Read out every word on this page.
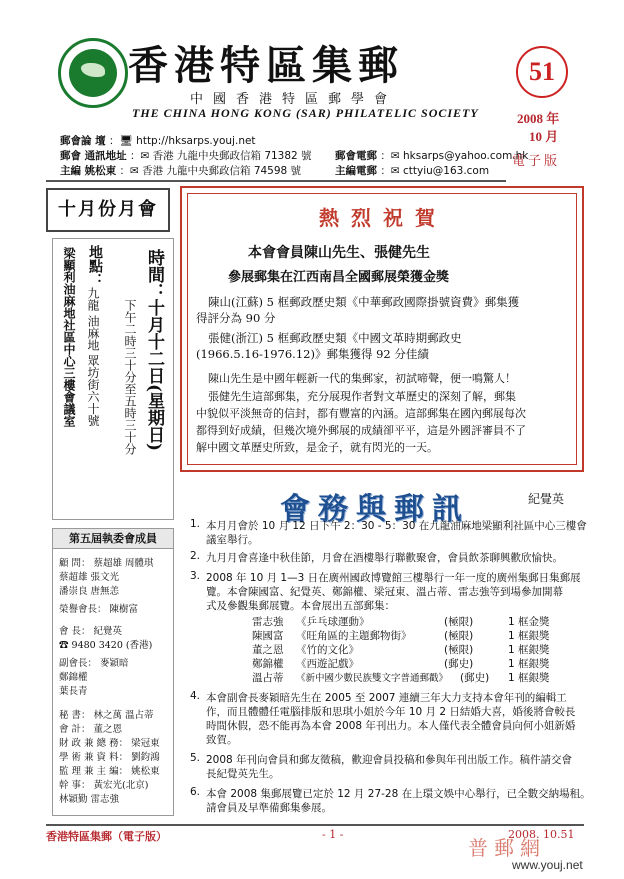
香港特區集郵
中國香港特區郵學會
THE CHINA HONG KONG (SAR) PHILATELIC SOCIETY
51
2008 年
10 月
電子版
郵會論 壇 ：🖥 http://hksarps.youj.net
郵會 通訊地址 ：✉ 香港 九龍中央郵政信箱 71382 號 郵會電郵 ：✉ hksarps@yahoo.com.hk
主編 姚松東 ：✉ 香港 九龍中央郵政信箱 74598 號	主編電郵 ：✉ cttyiu@163.com
十月份月會
時間：
十月十二日(星期日)
下午二時三十分至五時三十分
地點：
九龍 油麻地 眾坊街六十號
梁顯利油麻地社區中心三樓會議室
第五屆執委會成員
顧 問： 蔡超雄 周體琪
蔡超雄 張文光
潘崇良 唐無恙
榮譽會長： 陳樹富
會 長： 紀覺英
☎ 9480 3420 (香港)
副會長： 麥穎暗
鄭錦權
葉長青
秘 書： 林之萬 溫占蒂
會 計： 董之恩
財 政 兼 總 務： 梁冠東
學 術 兼 資 料： 劉鈞鴻
監 理 兼 主 編： 姚松東
幹 事： 黃宏光(北京)
林穎勤 雷志強
熱烈祝賀
本會會員陳山先生、張健先生
參展郵集在江西南昌全國郵展榮獲金獎
陳山(江蘇) 5 框郵政歷史類《中華郵政國際掛號資費》郵集獲
得評分為 90 分
張健(浙江) 5 框郵政歷史類《中國文革時期郵政史
(1966.5.16-1976.12)》郵集獲得 92 分佳績
陳山先生是中國年輕新一代的集郵家，初試啼聲，便一鳴驚人！
張健先生這部郵集，充分展現作者對文革歷史的深刻了解，郵集
中貌似平淡無奇的信封，都有豐富的內涵。這部郵集在國內郵展每次
都得到好成績，但幾次境外郵展的成績卻平平，這是外國評審員不了
解中國文革歷史所致，是金子，就有閃光的一天。
會務與郵訊	紀覺英
1. 本月月會於 10 月 12 日下午 2：30 - 5：30 在九龍油麻地梁顯利社區中心三樓會
議室舉行。
2. 九月月會喜逢中秋佳節，月會在酒樓舉行聯歡聚會，會員飲茶聊興歡欣愉快。
3. 2008 年 10 月 1—3 日在廣州國政博覽館三樓舉行一年一度的廣州集郵日集郵展
覽。本會陳國富、紀覺英、鄭錦權、梁冠東、溫占蒂、雷志強等到場參加開幕
式及參觀集郵展覽。本會展出五部郵集：
雷志強 《乒乓球運動》	(極限)	1 框金獎
陳國富 《旺角區的主題郵物街》	(極限)	1 框銀獎
董之恩 《竹的文化》	(極限)	1 框銀獎
鄭錦權 《西遊記戲》	(郵史)	1 框銀獎
溫占蒂 《新中國少數民族雙文字普通郵戳》 (郵史) 1 框銀獎
4. 本會副會長麥穎暗先生在 2005 至 2007 連續三年大力支持本會年刊的編輯工
作，而且體體任電腦排版和思琪小姐於今年 10 月 2 日結婚大喜，婚後將會較長
時間休假，恐不能再為本會 2008 年刊出力。本人僅代表全體會員向何小姐新婚
致賀。
5. 2008 年刊向會員和郵友徵稿，歡迎會員投稿和參與年刊出版工作。稿件請交會
長紀覺英先生。
6. 本會 2008 集郵展覽已定於 12 月 27-28 在上環文娛中心舉行，已全數交納場租。
請會員及早準備郵集參展。
香港特區集郵（電子版）	- 1 -	2008. 10.51
普郵網
www.youj.net
